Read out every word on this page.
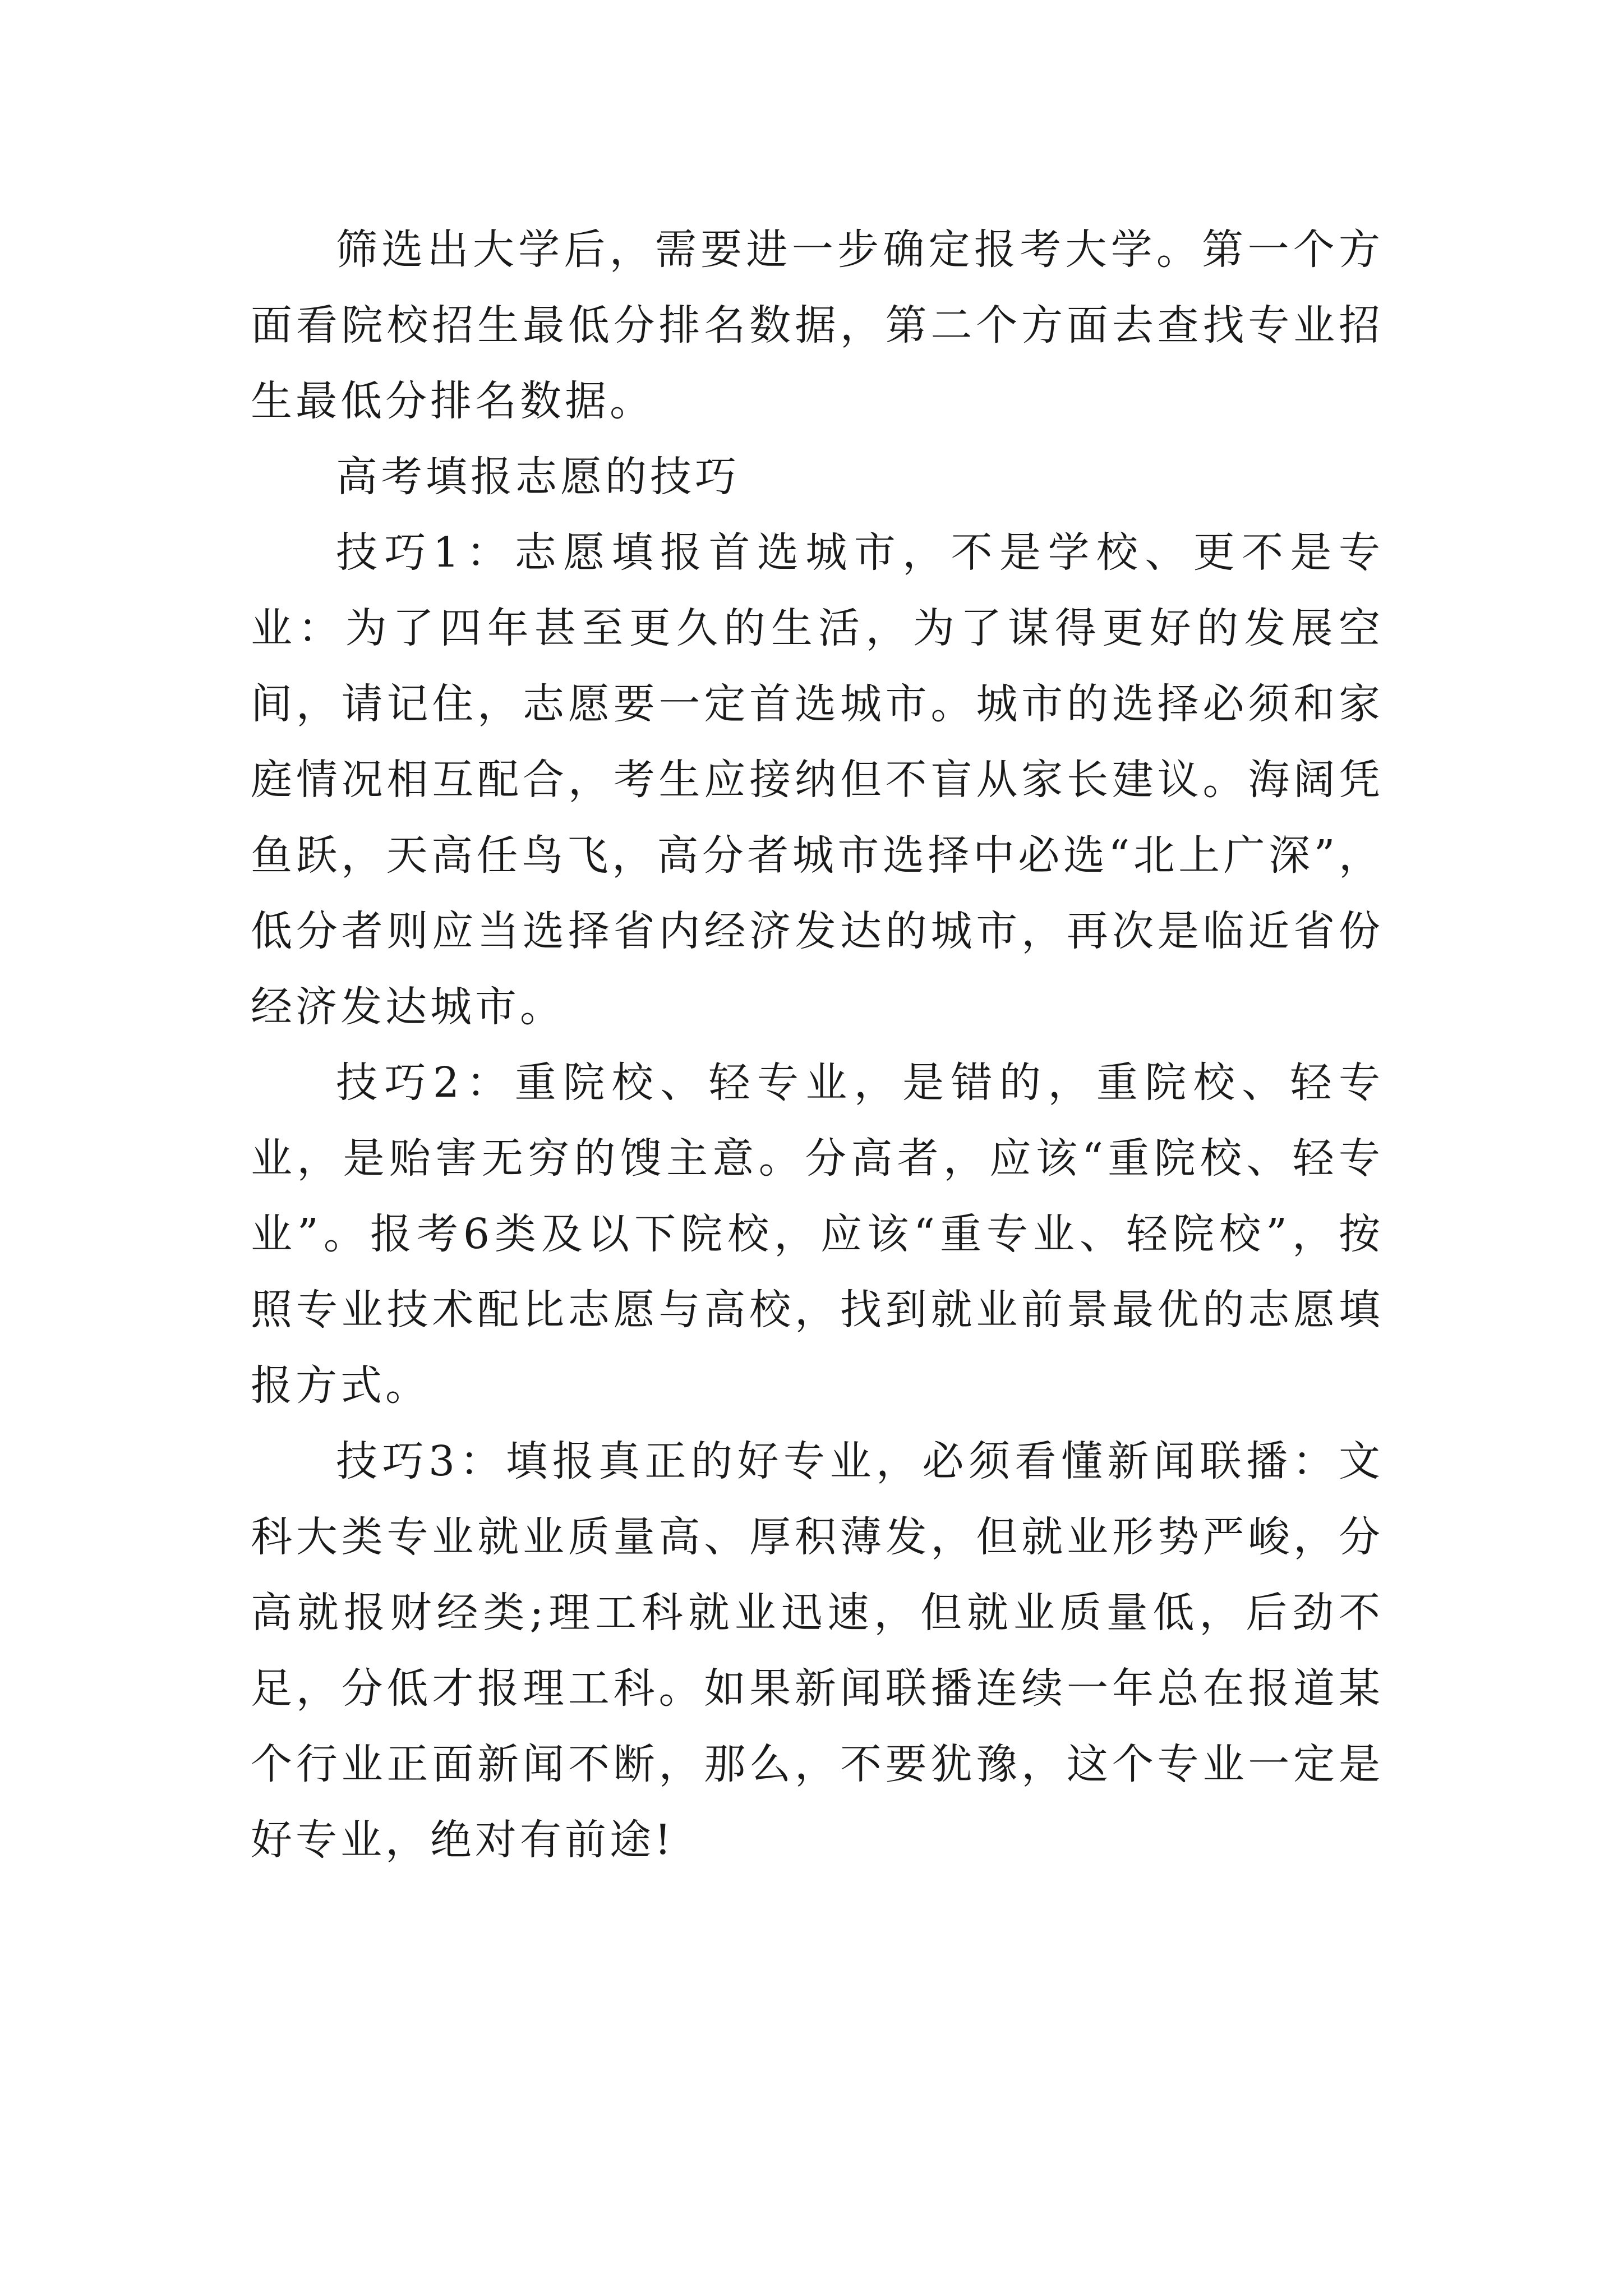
筛选出大学后，需要进一步确定报考大学。第一个方面看院校招生最低分排名数据，第二个方面去查找专业招生最低分排名数据。

高考填报志愿的技巧

技巧1：志愿填报首选城市，不是学校、更不是专业：为了四年甚至更久的生活，为了谋得更好的发展空间，请记住，志愿要一定首选城市。城市的选择必须和家庭情况相互配合，考生应接纳但不盲从家长建议。海阔凭鱼跃，天高任鸟飞，高分者城市选择中必选“北上广深”，低分者则应当选择省内经济发达的城市，再次是临近省份经济发达城市。

技巧2：重院校、轻专业，是错的，重院校、轻专业，是贻害无穷的馊主意。分高者，应该“重院校、轻专业”。报考6类及以下院校，应该“重专业、轻院校”，按照专业技术配比志愿与高校，找到就业前景最优的志愿填报方式。

技巧3：填报真正的好专业，必须看懂新闻联播：文科大类专业就业质量高、厚积薄发，但就业形势严峻，分高就报财经类;理工科就业迅速，但就业质量低，后劲不足，分低才报理工科。如果新闻联播连续一年总在报道某个行业正面新闻不断，那么，不要犹豫，这个专业一定是好专业，绝对有前途!
